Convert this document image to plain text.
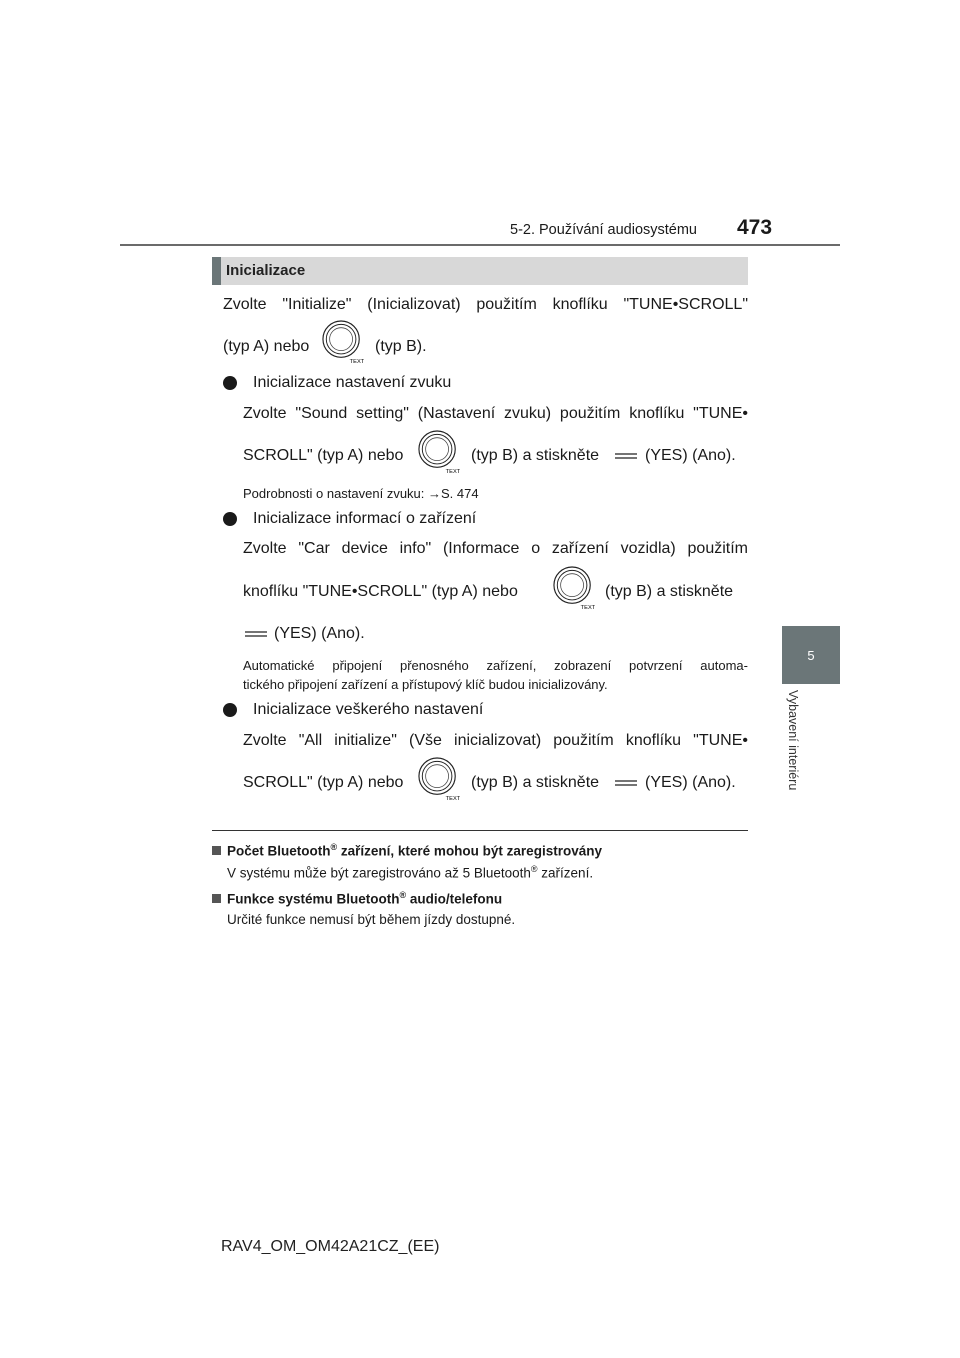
5-2. Používání audiosystému 473
5
Vybavení interiéru
Inicializace
Zvolte "Initialize" (Inicializovat) použitím knoflíku "TUNE•SCROLL"
(typ A) nebo
TEXT
(typ B).
Inicializace nastavení zvuku
Zvolte "Sound setting" (Nastavení zvuku) použitím knoflíku "TUNE•
SCROLL" (typ A) nebo
TEXT
(typ B) a stiskněte	(YES) (Ano).
Podrobnosti o nastavení zvuku: →S. 474
Inicializace informací o zařízení
Zvolte "Car device info" (Informace o zařízení vozidla) použitím
knoflíku "TUNE•SCROLL" (typ A) nebo
TEXT
(typ B) a stiskněte
(YES) (Ano).
Automatické připojení přenosného zařízení, zobrazení potvrzení automa-
tického připojení zařízení a přístupový klíč budou inicializovány.
Inicializace veškerého nastavení
Zvolte "All initialize" (Vše inicializovat) použitím knoflíku "TUNE•
SCROLL" (typ A) nebo
TEXT
(typ B) a stiskněte	(YES) (Ano).
Počet Bluetooth® zařízení, které mohou být zaregistrovány
V systému může být zaregistrováno až 5 Bluetooth® zařízení.
Funkce systému Bluetooth® audio/telefonu
Určité funkce nemusí být během jízdy dostupné.
RAV4_OM_OM42A21CZ_(EE)
